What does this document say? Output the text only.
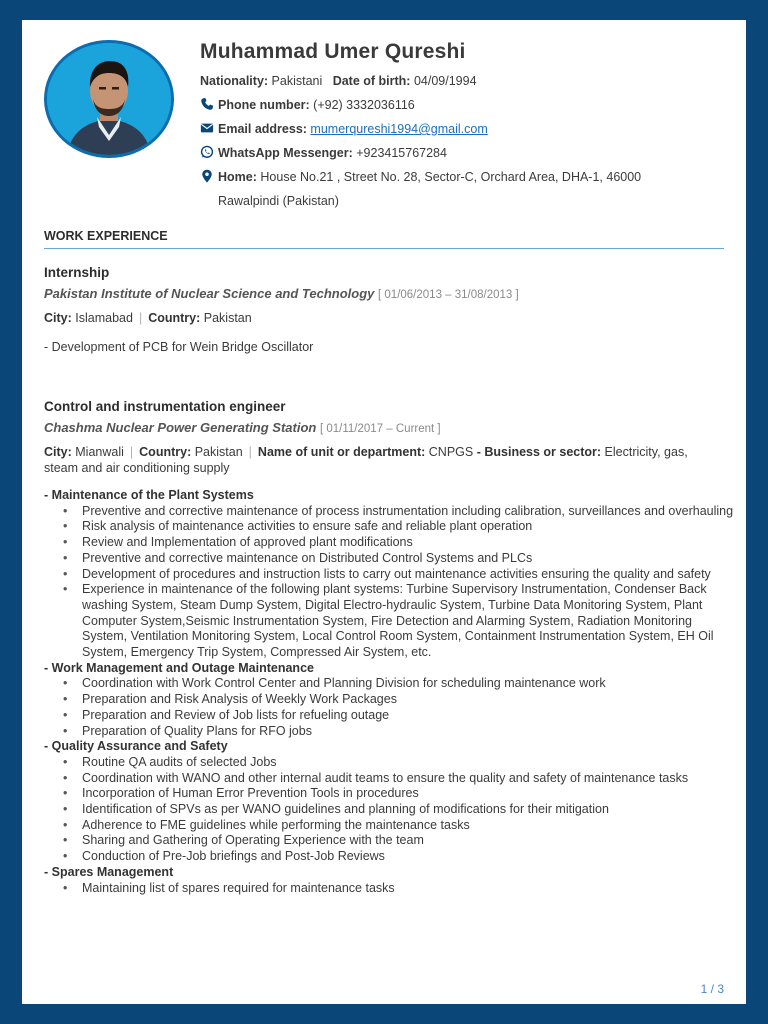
Muhammad Umer Qureshi
Nationality: Pakistani Date of birth: 04/09/1994
Phone number: (+92) 3332036116
Email address: mumerqureshi1994@gmail.com
WhatsApp Messenger: +923415767284
Home: House No.21 , Street No. 28, Sector-C, Orchard Area, DHA-1, 46000
Rawalpindi (Pakistan)
WORK EXPERIENCE
Internship
Pakistan Institute of Nuclear Science and Technology [ 01/06/2013 – 31/08/2013 ]
City: Islamabad | Country: Pakistan
- Development of PCB for Wein Bridge Oscillator
Control and instrumentation engineer
Chashma Nuclear Power Generating Station [ 01/11/2017 – Current ]
City: Mianwali | Country: Pakistan | Name of unit or department: CNPGS - Business or sector: Electricity, gas, steam and air conditioning supply
- Maintenance of the Plant Systems
• Preventive and corrective maintenance of process instrumentation including calibration, surveillances and overhauling
• Risk analysis of maintenance activities to ensure safe and reliable plant operation
• Review and Implementation of approved plant modifications
• Preventive and corrective maintenance on Distributed Control Systems and PLCs
• Development of procedures and instruction lists to carry out maintenance activities ensuring the quality and safety
• Experience in maintenance of the following plant systems: Turbine Supervisory Instrumentation, Condenser Back washing System, Steam Dump System, Digital Electro-hydraulic System, Turbine Data Monitoring System, Plant Computer System,Seismic Instrumentation System, Fire Detection and Alarming System, Radiation Monitoring System, Ventilation Monitoring System, Local Control Room System, Containment Instrumentation System, EH Oil System, Emergency Trip System, Compressed Air System, etc.
- Work Management and Outage Maintenance
• Coordination with Work Control Center and Planning Division for scheduling maintenance work
• Preparation and Risk Analysis of Weekly Work Packages
• Preparation and Review of Job lists for refueling outage
• Preparation of Quality Plans for RFO jobs
- Quality Assurance and Safety
• Routine QA audits of selected Jobs
• Coordination with WANO and other internal audit teams to ensure the quality and safety of maintenance tasks
• Incorporation of Human Error Prevention Tools in procedures
• Identification of SPVs as per WANO guidelines and planning of modifications for their mitigation
• Adherence to FME guidelines while performing the maintenance tasks
• Sharing and Gathering of Operating Experience with the team
• Conduction of Pre-Job briefings and Post-Job Reviews
- Spares Management
• Maintaining list of spares required for maintenance tasks
1 / 3
